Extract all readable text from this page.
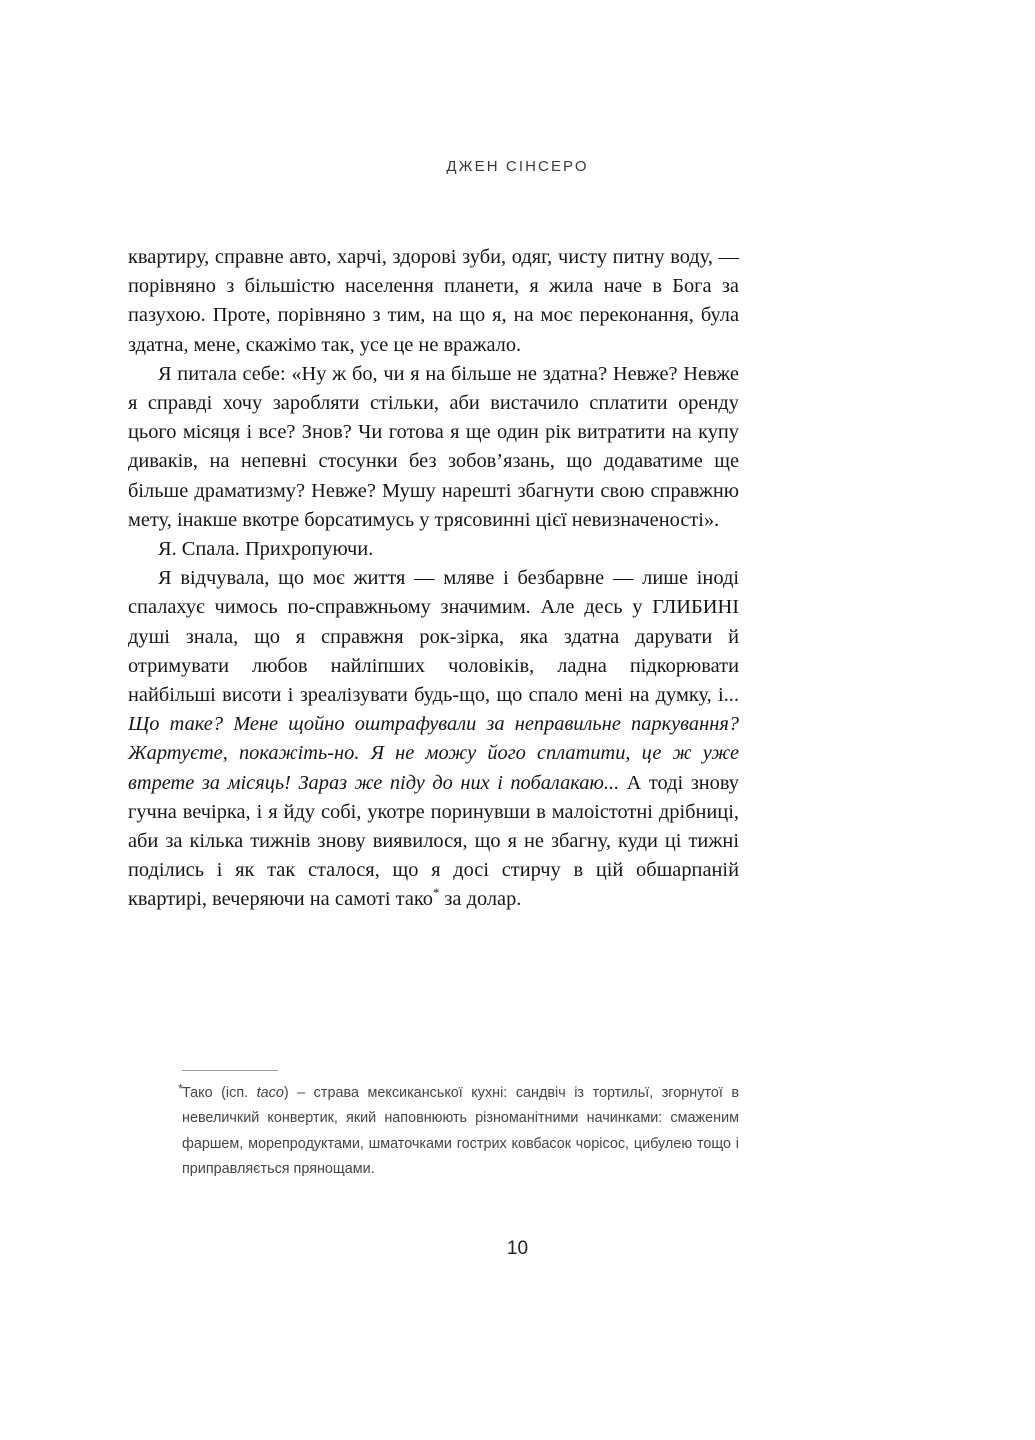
ДЖЕН СІНСЕРО

квартиру, справне авто, харчі, здорові зуби, одяг, чисту питну воду, — порівняно з більшістю населення планети, я жила наче в Бога за пазухою. Проте, порівняно з тим, на що я, на моє переконання, була здатна, мене, скажімо так, усе це не вражало.

Я питала себе: «Ну ж бо, чи я на більше не здатна? Невже? Невже я справді хочу заробляти стільки, аби вистачило сплатити оренду цього місяця і все? Знов? Чи готова я ще один рік витратити на купу диваків, на непевні стосунки без зобов’язань, що додаватиме ще більше драматизму? Невже? Мушу нарешті збагнути свою справжню мету, інакше вкотре борсатимусь у трясовинні цієї невизначеності».

Я. Спала. Прихропуючи.

Я відчувала, що моє життя — мляве і безбарвне — лише іноді спалахує чимось по-справжньому значимим. Але десь у ГЛИБИНІ душі знала, що я справжня рок-зірка, яка здатна дарувати й отримувати любов найліпших чоловіків, ладна підкорювати найбільші висоти і зреалізувати будь-що, що спало мені на думку, і... Що таке? Мене щойно оштрафували за неправильне паркування? Жартуєте, покажіть-но. Я не можу його сплатити, це ж уже втрете за місяць! Зараз же піду до них і побалакаю... А тоді знову гучна вечірка, і я йду собі, укотре поринувши в малоістотні дрібниці, аби за кілька тижнів знову виявилося, що я не збагну, куди ці тижні поділись і як так сталося, що я досі стирчу в цій обшарпаній квартирі, вечеряючи на самоті тако* за долар.

*

Тако (ісп. taco) – страва мексиканської кухні: сандвіч із тортильї, згорнутої в невеличкий конвертик, який наповнюють різноманітними начинками: смаженим фаршем, морепродуктами, шматочками гострих ковбасок чорісос, цибулею тощо і приправляється прянощами.

10
